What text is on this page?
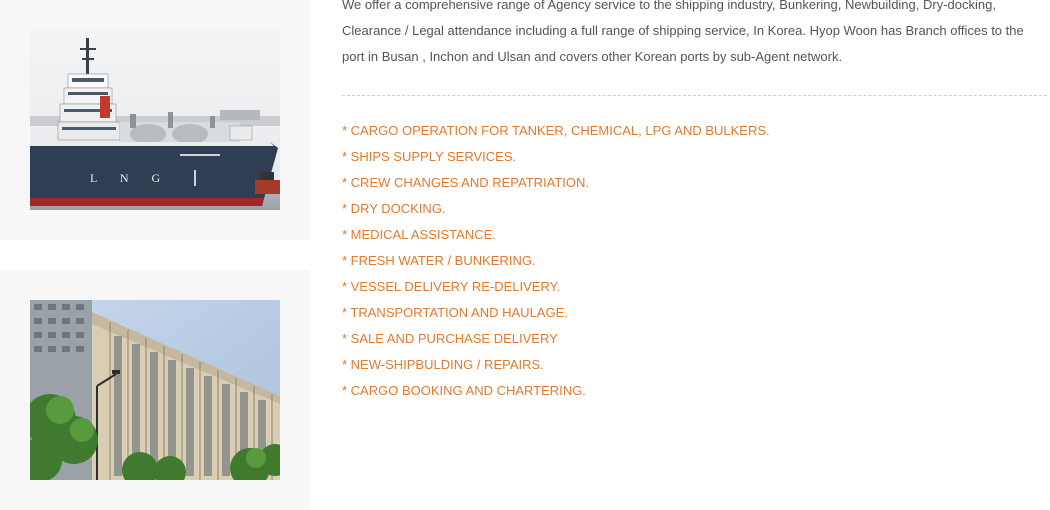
L N G

We offer a comprehensive range of Agency service to the shipping industry, Bunkering, Newbuilding, Dry-docking, Clearance / Legal attendance including a full range of shipping service, In Korea. Hyop Woon has Branch offices to the port in Busan , Inchon and Ulsan and covers other Korean ports by sub-Agent network.

* CARGO OPERATION FOR TANKER, CHEMICAL, LPG AND BULKERS.
* SHIPS SUPPLY SERVICES.
* CREW CHANGES AND REPATRIATION.
* DRY DOCKING.
* MEDICAL ASSISTANCE.
* FRESH WATER / BUNKERING.
* VESSEL DELIVERY RE-DELIVERY.
* TRANSPORTATION AND HAULAGE.
* SALE AND PURCHASE DELIVERY
* NEW-SHIPBULDING / REPAIRS.
* CARGO BOOKING AND CHARTERING.
